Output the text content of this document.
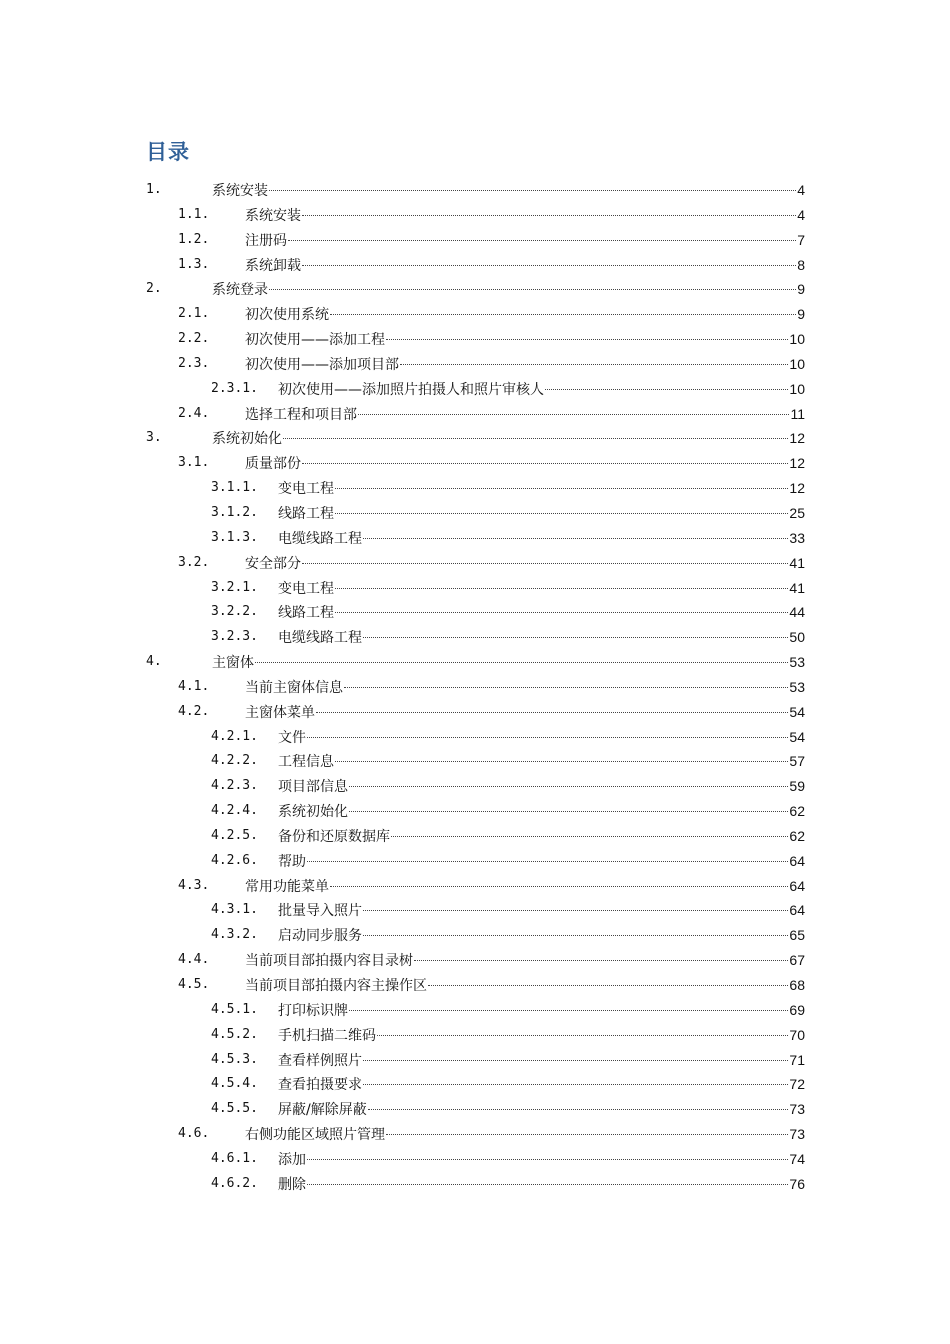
目录
1.	系统安装	4
1.1.	系统安装	4
1.2.	注册码	7
1.3.	系统卸载	8
2.	系统登录	9
2.1.	初次使用系统	9
2.2.	初次使用——添加工程	10
2.3.	初次使用——添加项目部	10
2.3.1. 初次使用——添加照片拍摄人和照片审核人	10
2.4.	选择工程和项目部	11
3.	系统初始化	12
3.1.	质量部份	12
3.1.1. 变电工程	12
3.1.2. 线路工程	25
3.1.3. 电缆线路工程	33
3.2.	安全部分	41
3.2.1. 变电工程	41
3.2.2. 线路工程	44
3.2.3. 电缆线路工程	50
4.	主窗体	53
4.1.	当前主窗体信息	53
4.2.	主窗体菜单	54
4.2.1. 文件	54
4.2.2. 工程信息	57
4.2.3. 项目部信息	59
4.2.4. 系统初始化	62
4.2.5. 备份和还原数据库	62
4.2.6. 帮助	64
4.3.	常用功能菜单	64
4.3.1. 批量导入照片	64
4.3.2. 启动同步服务	65
4.4.	当前项目部拍摄内容目录树	67
4.5.	当前项目部拍摄内容主操作区	68
4.5.1. 打印标识牌	69
4.5.2. 手机扫描二维码	70
4.5.3. 查看样例照片	71
4.5.4. 查看拍摄要求	72
4.5.5. 屏蔽/解除屏蔽	73
4.6.	右侧功能区域照片管理	73
4.6.1. 添加	74
4.6.2. 删除	76
